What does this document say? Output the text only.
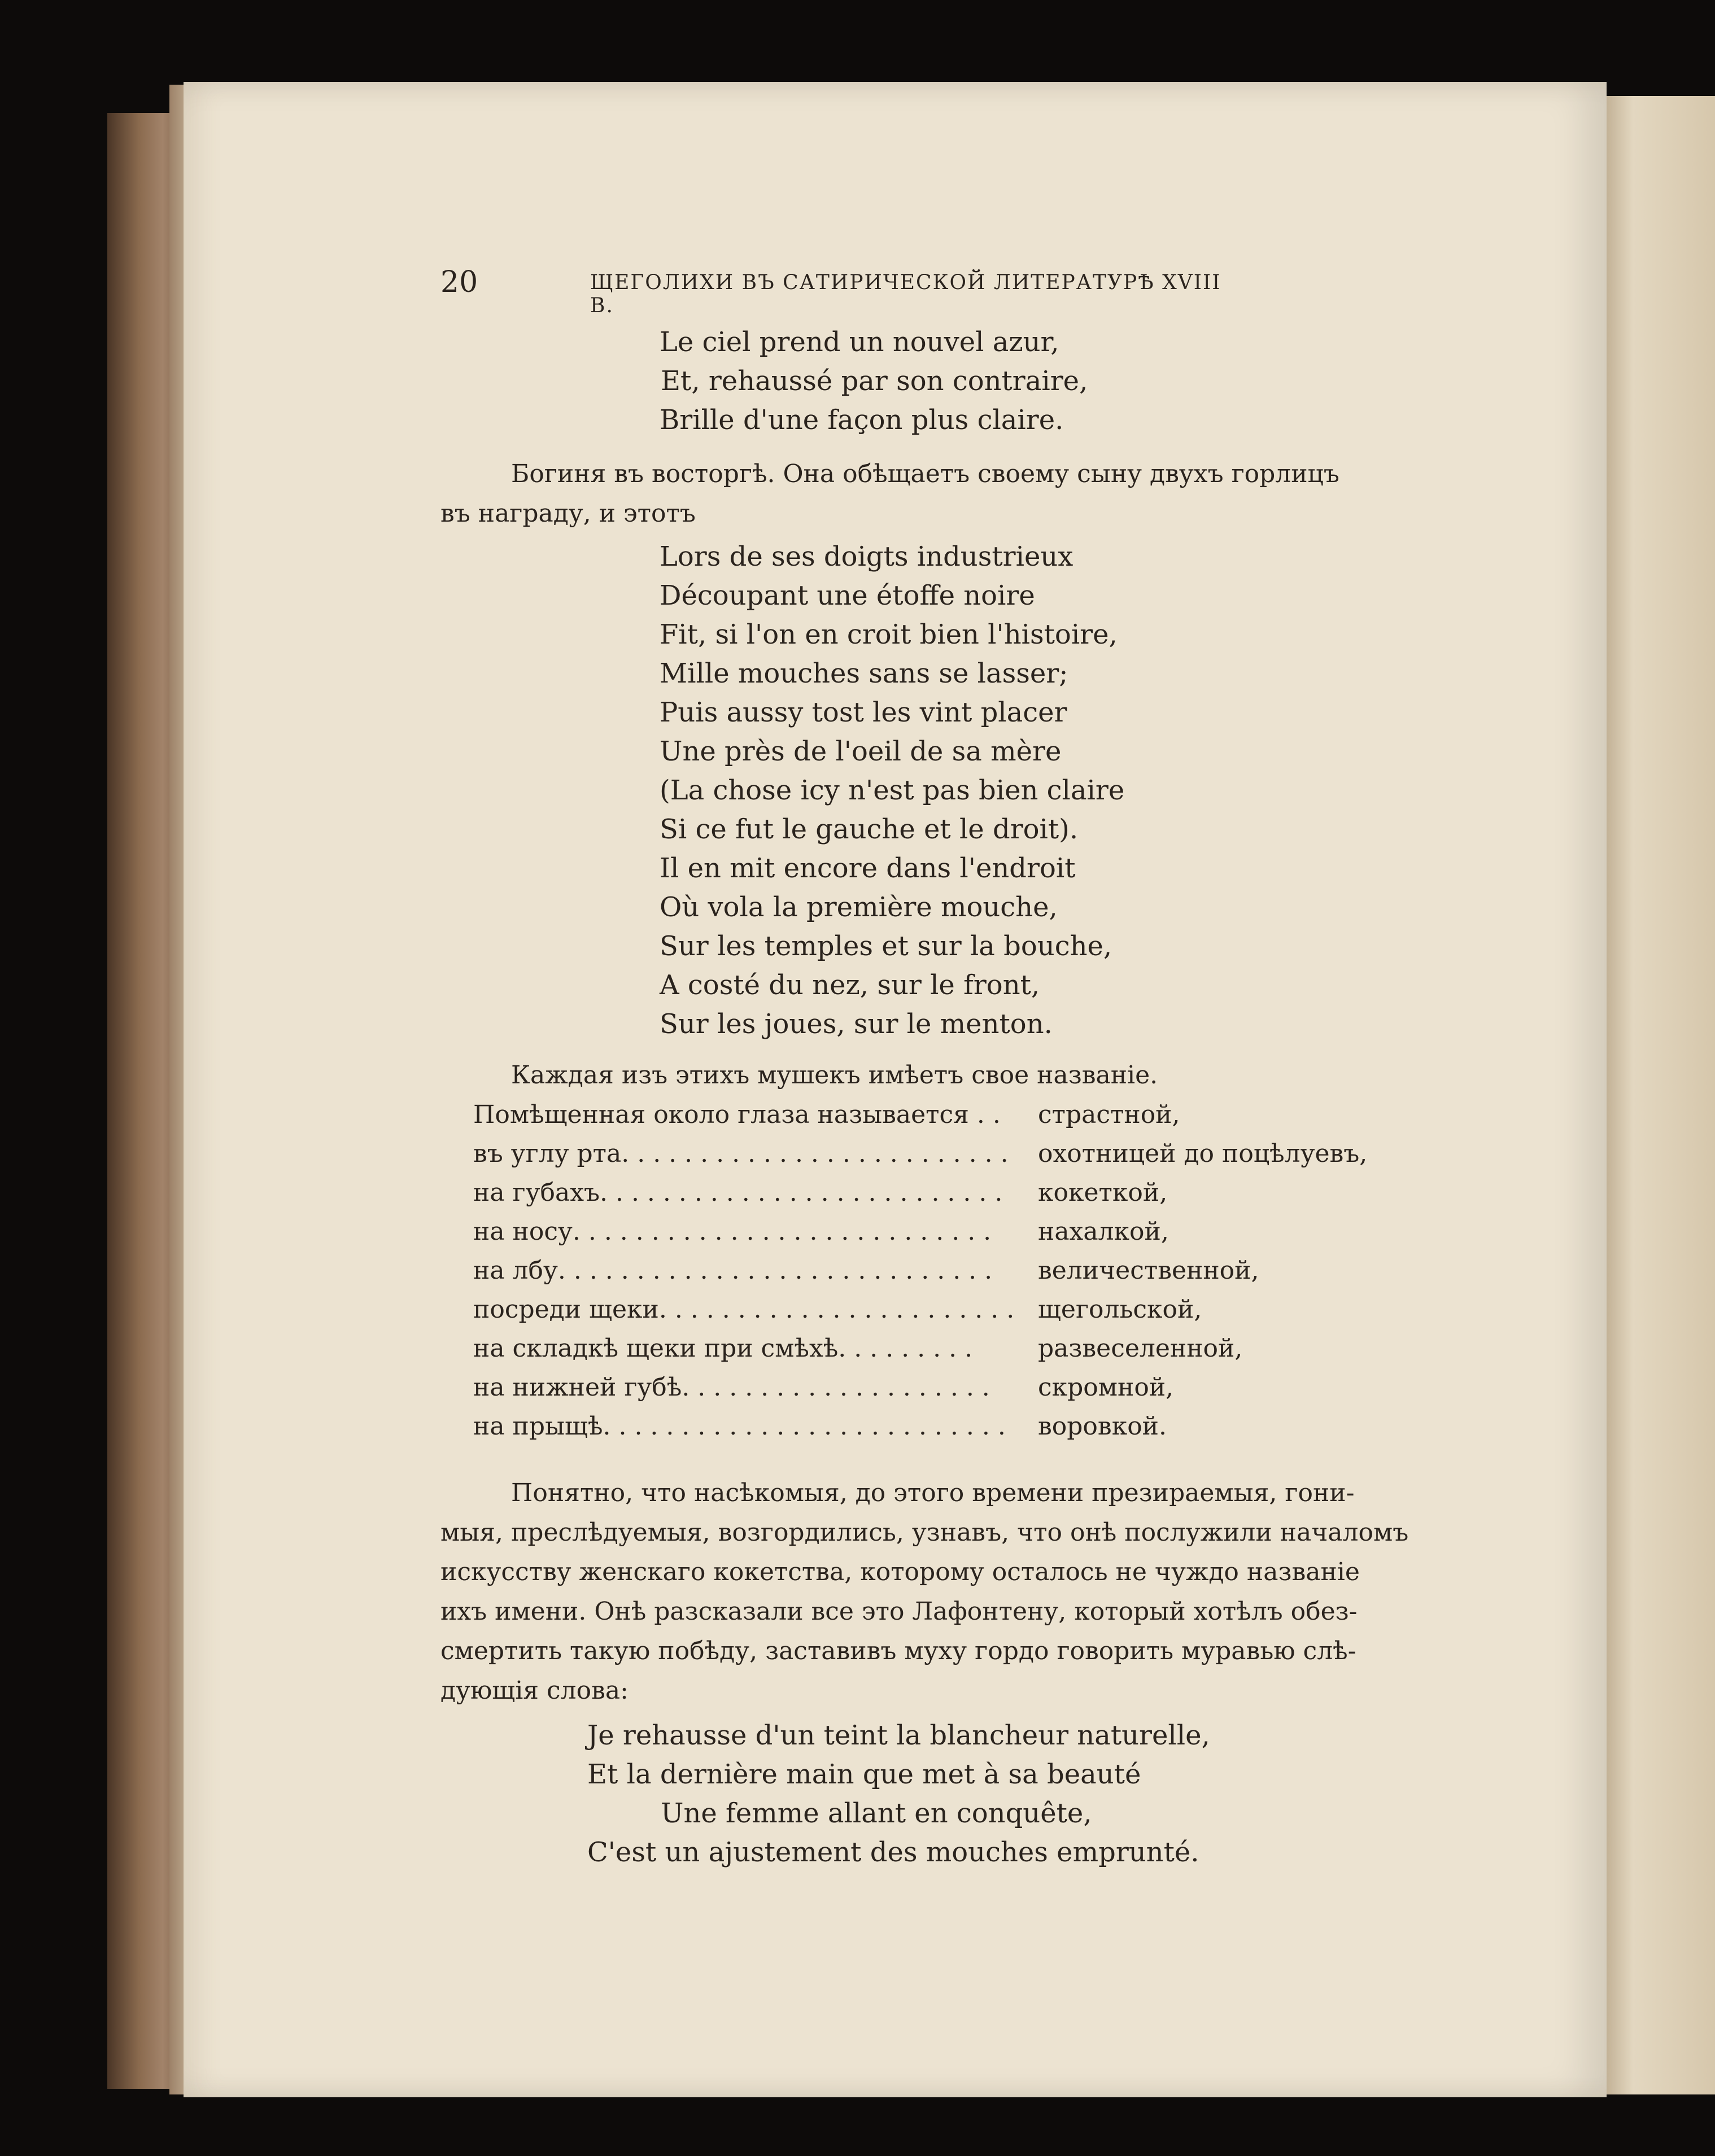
20	ЩЕГОЛИХИ ВЪ САТИРИЧЕСКОЙ ЛИТЕРАТУРѢ XVIII В.
Le ciel prend un nouvel azur,
Et, rehaussé par son contraire,
Brille d'une façon plus claire.
Богиня въ восторгѣ. Она обѣщаетъ своему сыну двухъ горлицъ
въ награду, и этотъ
Lors de ses doigts industrieux
Découpant une étoffe noire
Fit, si l'on en croit bien l'histoire,
Mille mouches sans se lasser;
Puis aussy tost les vint placer
Une près de l'oeil de sa mère
(La chose icy n'est pas bien claire
Si ce fut le gauche et le droit).
Il en mit encore dans l'endroit
Où vola la première mouche,
Sur les temples et sur la bouche,
A costé du nez, sur le front,
Sur les joues, sur le menton.
Каждая изъ этихъ мушекъ имѣетъ свое названіе.
Помѣщенная около глаза называется . .	страстной,
въ углу рта. . . . . . . . . . . . . . . . . . . . . . . . .	охотницей до поцѣлуевъ,
на губахъ. . . . . . . . . . . . . . . . . . . . . . . . . .	кокеткой,
на носу. . . . . . . . . . . . . . . . . . . . . . . . . . .	нахалкой,
на лбу. . . . . . . . . . . . . . . . . . . . . . . . . . . .	величественной,
посреди щеки. . . . . . . . . . . . . . . . . . . . . . . щегольской,
на складкѣ щеки при смѣхѣ. . . . . . . . .	развеселенной,
на нижней губѣ. . . . . . . . . . . . . . . . . . . .	скромной,
на прыщѣ. . . . . . . . . . . . . . . . . . . . . . . . . .	воровкой.
Понятно, что насѣкомыя, до этого времени презираемыя, гони-
мыя, преслѣдуемыя, возгордились, узнавъ, что онѣ послужили началомъ
искусству женскаго кокетства, которому осталось не чуждо названіе
ихъ имени. Онѣ разсказали все это Лафонтену, который хотѣлъ обез-
смертить такую побѣду, заставивъ муху гордо говорить муравью слѣ-
дующія слова:
Je rehausse d'un teint la blancheur naturelle,
Et la dernière main que met à sa beauté
Une femme allant en conquête,
C'est un ajustement des mouches emprunté.
